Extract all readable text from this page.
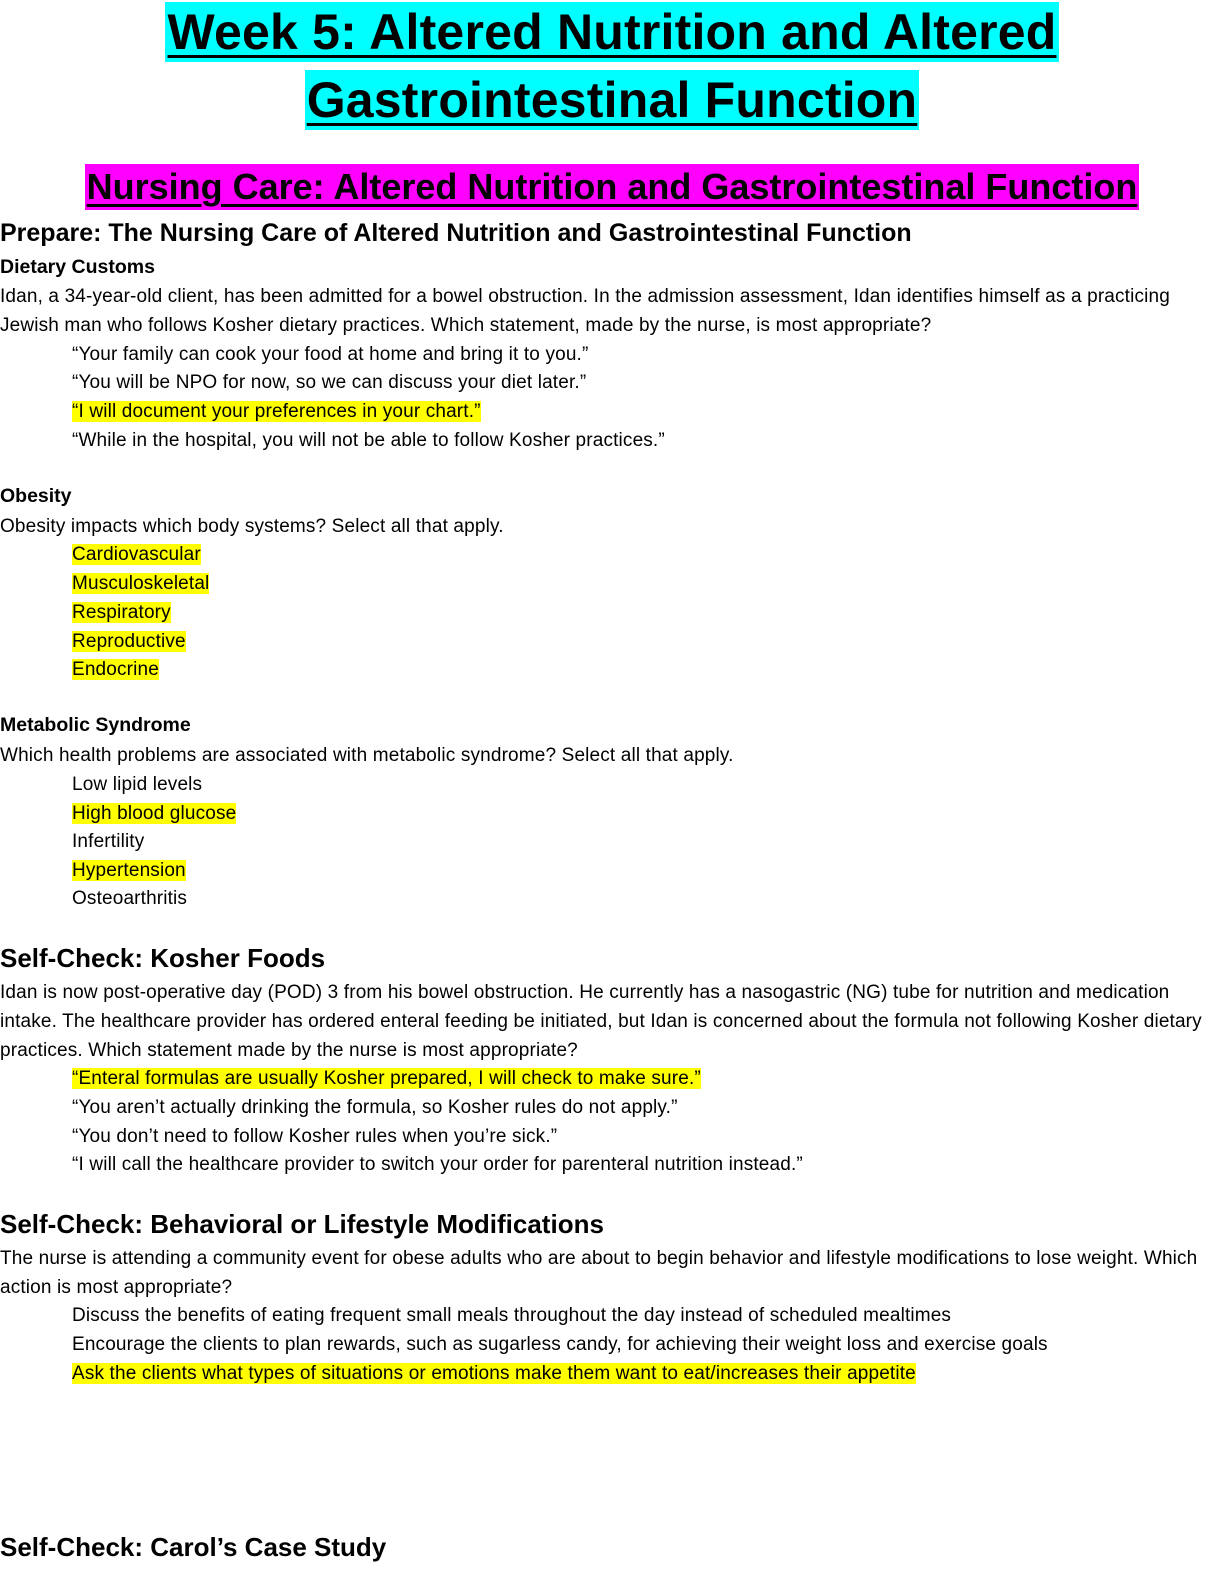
Week 5: Altered Nutrition and Altered
Gastrointestinal Function
Nursing Care: Altered Nutrition and Gastrointestinal Function
Prepare: The Nursing Care of Altered Nutrition and Gastrointestinal Function
Dietary Customs
Idan, a 34-year-old client, has been admitted for a bowel obstruction. In the admission assessment, Idan identifies himself as a practicing Jewish man who follows Kosher dietary practices. Which statement, made by the nurse, is most appropriate?
“Your family can cook your food at home and bring it to you.”
“You will be NPO for now, so we can discuss your diet later.”
“I will document your preferences in your chart.”
“While in the hospital, you will not be able to follow Kosher practices.”
Obesity
Obesity impacts which body systems? Select all that apply.
Cardiovascular
Musculoskeletal
Respiratory
Reproductive
Endocrine
Metabolic Syndrome
Which health problems are associated with metabolic syndrome? Select all that apply.
Low lipid levels
High blood glucose
Infertility
Hypertension
Osteoarthritis
Self-Check: Kosher Foods
Idan is now post-operative day (POD) 3 from his bowel obstruction. He currently has a nasogastric (NG) tube for nutrition and medication intake. The healthcare provider has ordered enteral feeding be initiated, but Idan is concerned about the formula not following Kosher dietary practices. Which statement made by the nurse is most appropriate?
“Enteral formulas are usually Kosher prepared, I will check to make sure.”
“You aren’t actually drinking the formula, so Kosher rules do not apply.”
“You don’t need to follow Kosher rules when you’re sick.”
“I will call the healthcare provider to switch your order for parenteral nutrition instead.”
Self-Check: Behavioral or Lifestyle Modifications
The nurse is attending a community event for obese adults who are about to begin behavior and lifestyle modifications to lose weight. Which action is most appropriate?
Discuss the benefits of eating frequent small meals throughout the day instead of scheduled mealtimes
Encourage the clients to plan rewards, such as sugarless candy, for achieving their weight loss and exercise goals
Ask the clients what types of situations or emotions make them want to eat/increases their appetite
Self-Check: Carol’s Case Study
